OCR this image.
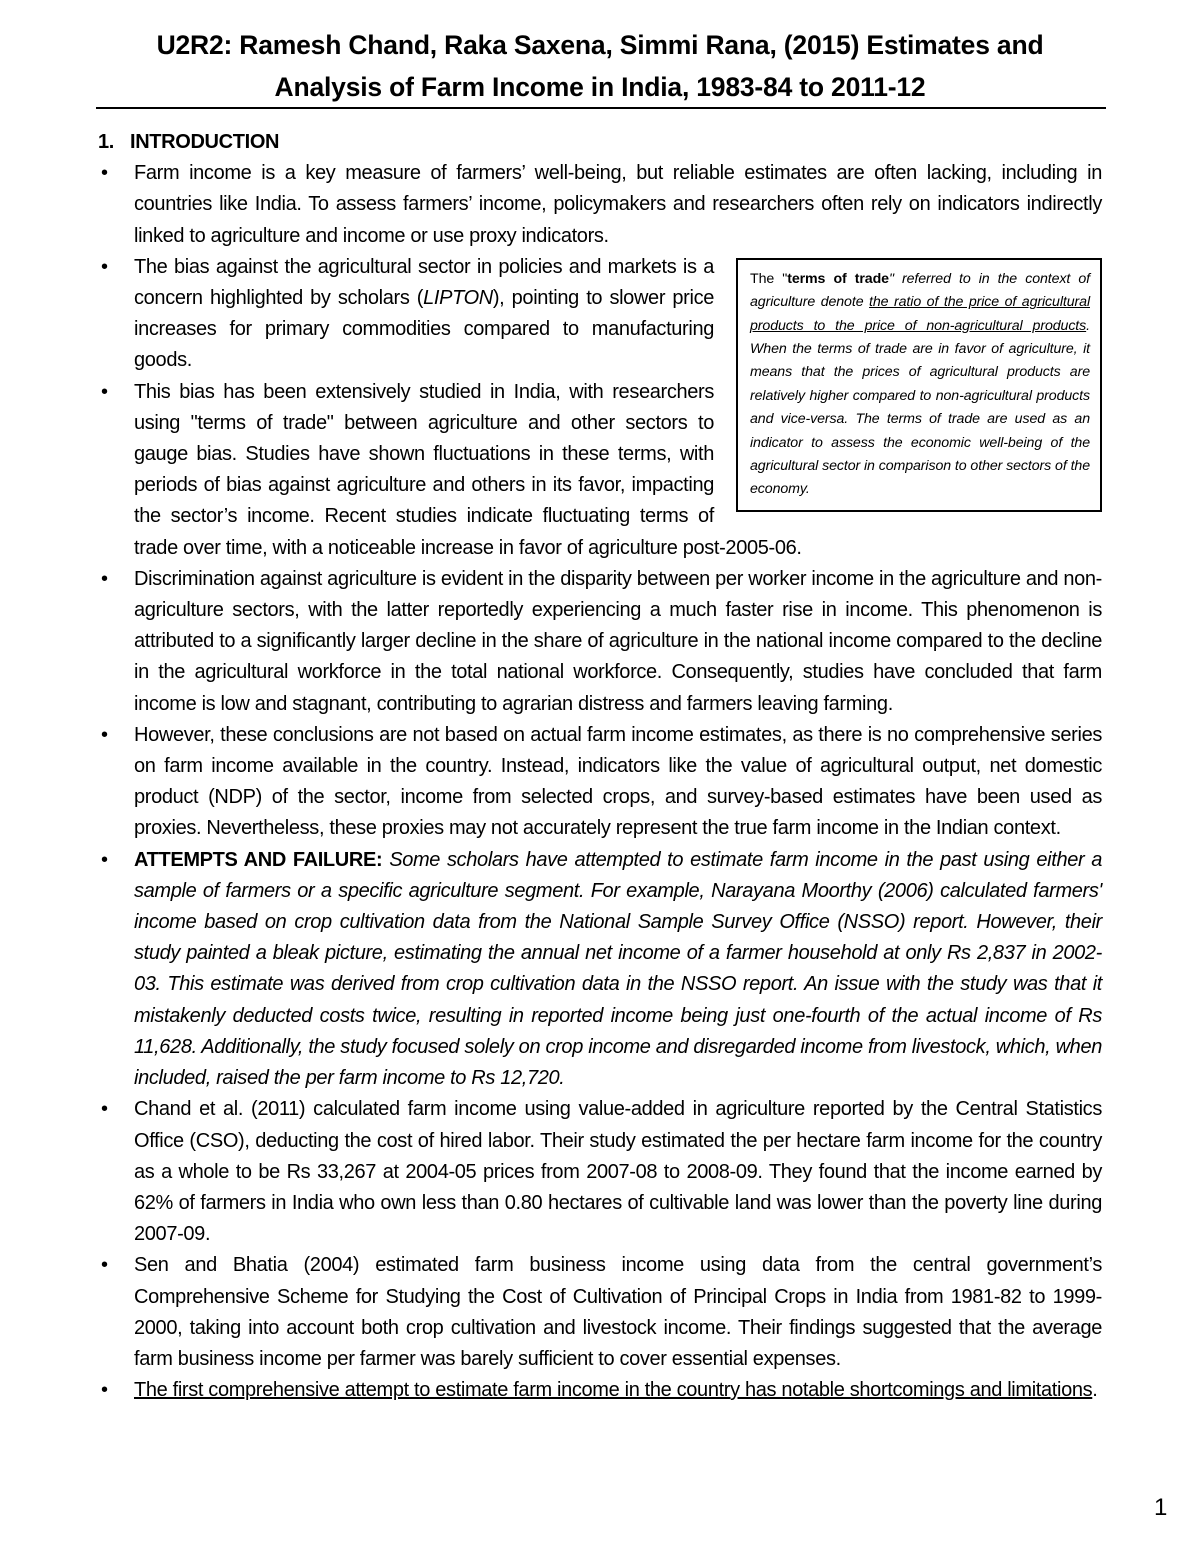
U2R2: Ramesh Chand, Raka Saxena, Simmi Rana, (2015) Estimates and
Analysis of Farm Income in India, 1983-84 to 2011-12
1. INTRODUCTION
• Farm income is a key measure of farmers’ well-being, but reliable estimates are often lacking, including in countries like India. To assess farmers’ income, policymakers and researchers often rely on indicators indirectly linked to agriculture and income or use proxy indicators.
•
The "terms of trade" referred to in the context of agriculture denote the ratio of the price of agricultural products to the price of non-agricultural products. When the terms of trade are in favor of agriculture, it means that the prices of agricultural products are relatively higher compared to non-agricultural products and vice-versa. The terms of trade are used as an indicator to assess the economic well-being of the agricultural sector in comparison to other sectors of the economy.
The bias against the agricultural sector in policies and markets is a concern highlighted by scholars (LIPTON), pointing to slower price increases for primary commodities compared to manufacturing goods.
• This bias has been extensively studied in India, with researchers using "terms of trade" between agriculture and other sectors to gauge bias. Studies have shown fluctuations in these terms, with periods of bias against agriculture and others in its favor, impacting the sector’s income. Recent studies indicate fluctuating terms of trade over time, with a noticeable increase in favor of agriculture post-2005-06.
• Discrimination against agriculture is evident in the disparity between per worker income in the agriculture and non-agriculture sectors, with the latter reportedly experiencing a much faster rise in income. This phenomenon is attributed to a significantly larger decline in the share of agriculture in the national income compared to the decline in the agricultural workforce in the total national workforce. Consequently, studies have concluded that farm income is low and stagnant, contributing to agrarian distress and farmers leaving farming.
• However, these conclusions are not based on actual farm income estimates, as there is no comprehensive series on farm income available in the country. Instead, indicators like the value of agricultural output, net domestic product (NDP) of the sector, income from selected crops, and survey-based estimates have been used as proxies. Nevertheless, these proxies may not accurately represent the true farm income in the Indian context.
• ATTEMPTS AND FAILURE: Some scholars have attempted to estimate farm income in the past using either a sample of farmers or a specific agriculture segment. For example, Narayana Moorthy (2006) calculated farmers' income based on crop cultivation data from the National Sample Survey Office (NSSO) report. However, their study painted a bleak picture, estimating the annual net income of a farmer household at only Rs 2,837 in 2002-03. This estimate was derived from crop cultivation data in the NSSO report. An issue with the study was that it mistakenly deducted costs twice, resulting in reported income being just one-fourth of the actual income of Rs 11,628. Additionally, the study focused solely on crop income and disregarded income from livestock, which, when included, raised the per farm income to Rs 12,720.
• Chand et al. (2011) calculated farm income using value-added in agriculture reported by the Central Statistics Office (CSO), deducting the cost of hired labor. Their study estimated the per hectare farm income for the country as a whole to be Rs 33,267 at 2004-05 prices from 2007-08 to 2008-09. They found that the income earned by 62% of farmers in India who own less than 0.80 hectares of cultivable land was lower than the poverty line during 2007-09.
• Sen and Bhatia (2004) estimated farm business income using data from the central government’s Comprehensive Scheme for Studying the Cost of Cultivation of Principal Crops in India from 1981-82 to 1999-2000, taking into account both crop cultivation and livestock income. Their findings suggested that the average farm business income per farmer was barely sufficient to cover essential expenses.
• The first comprehensive attempt to estimate farm income in the country has notable shortcomings and limitations.
1
